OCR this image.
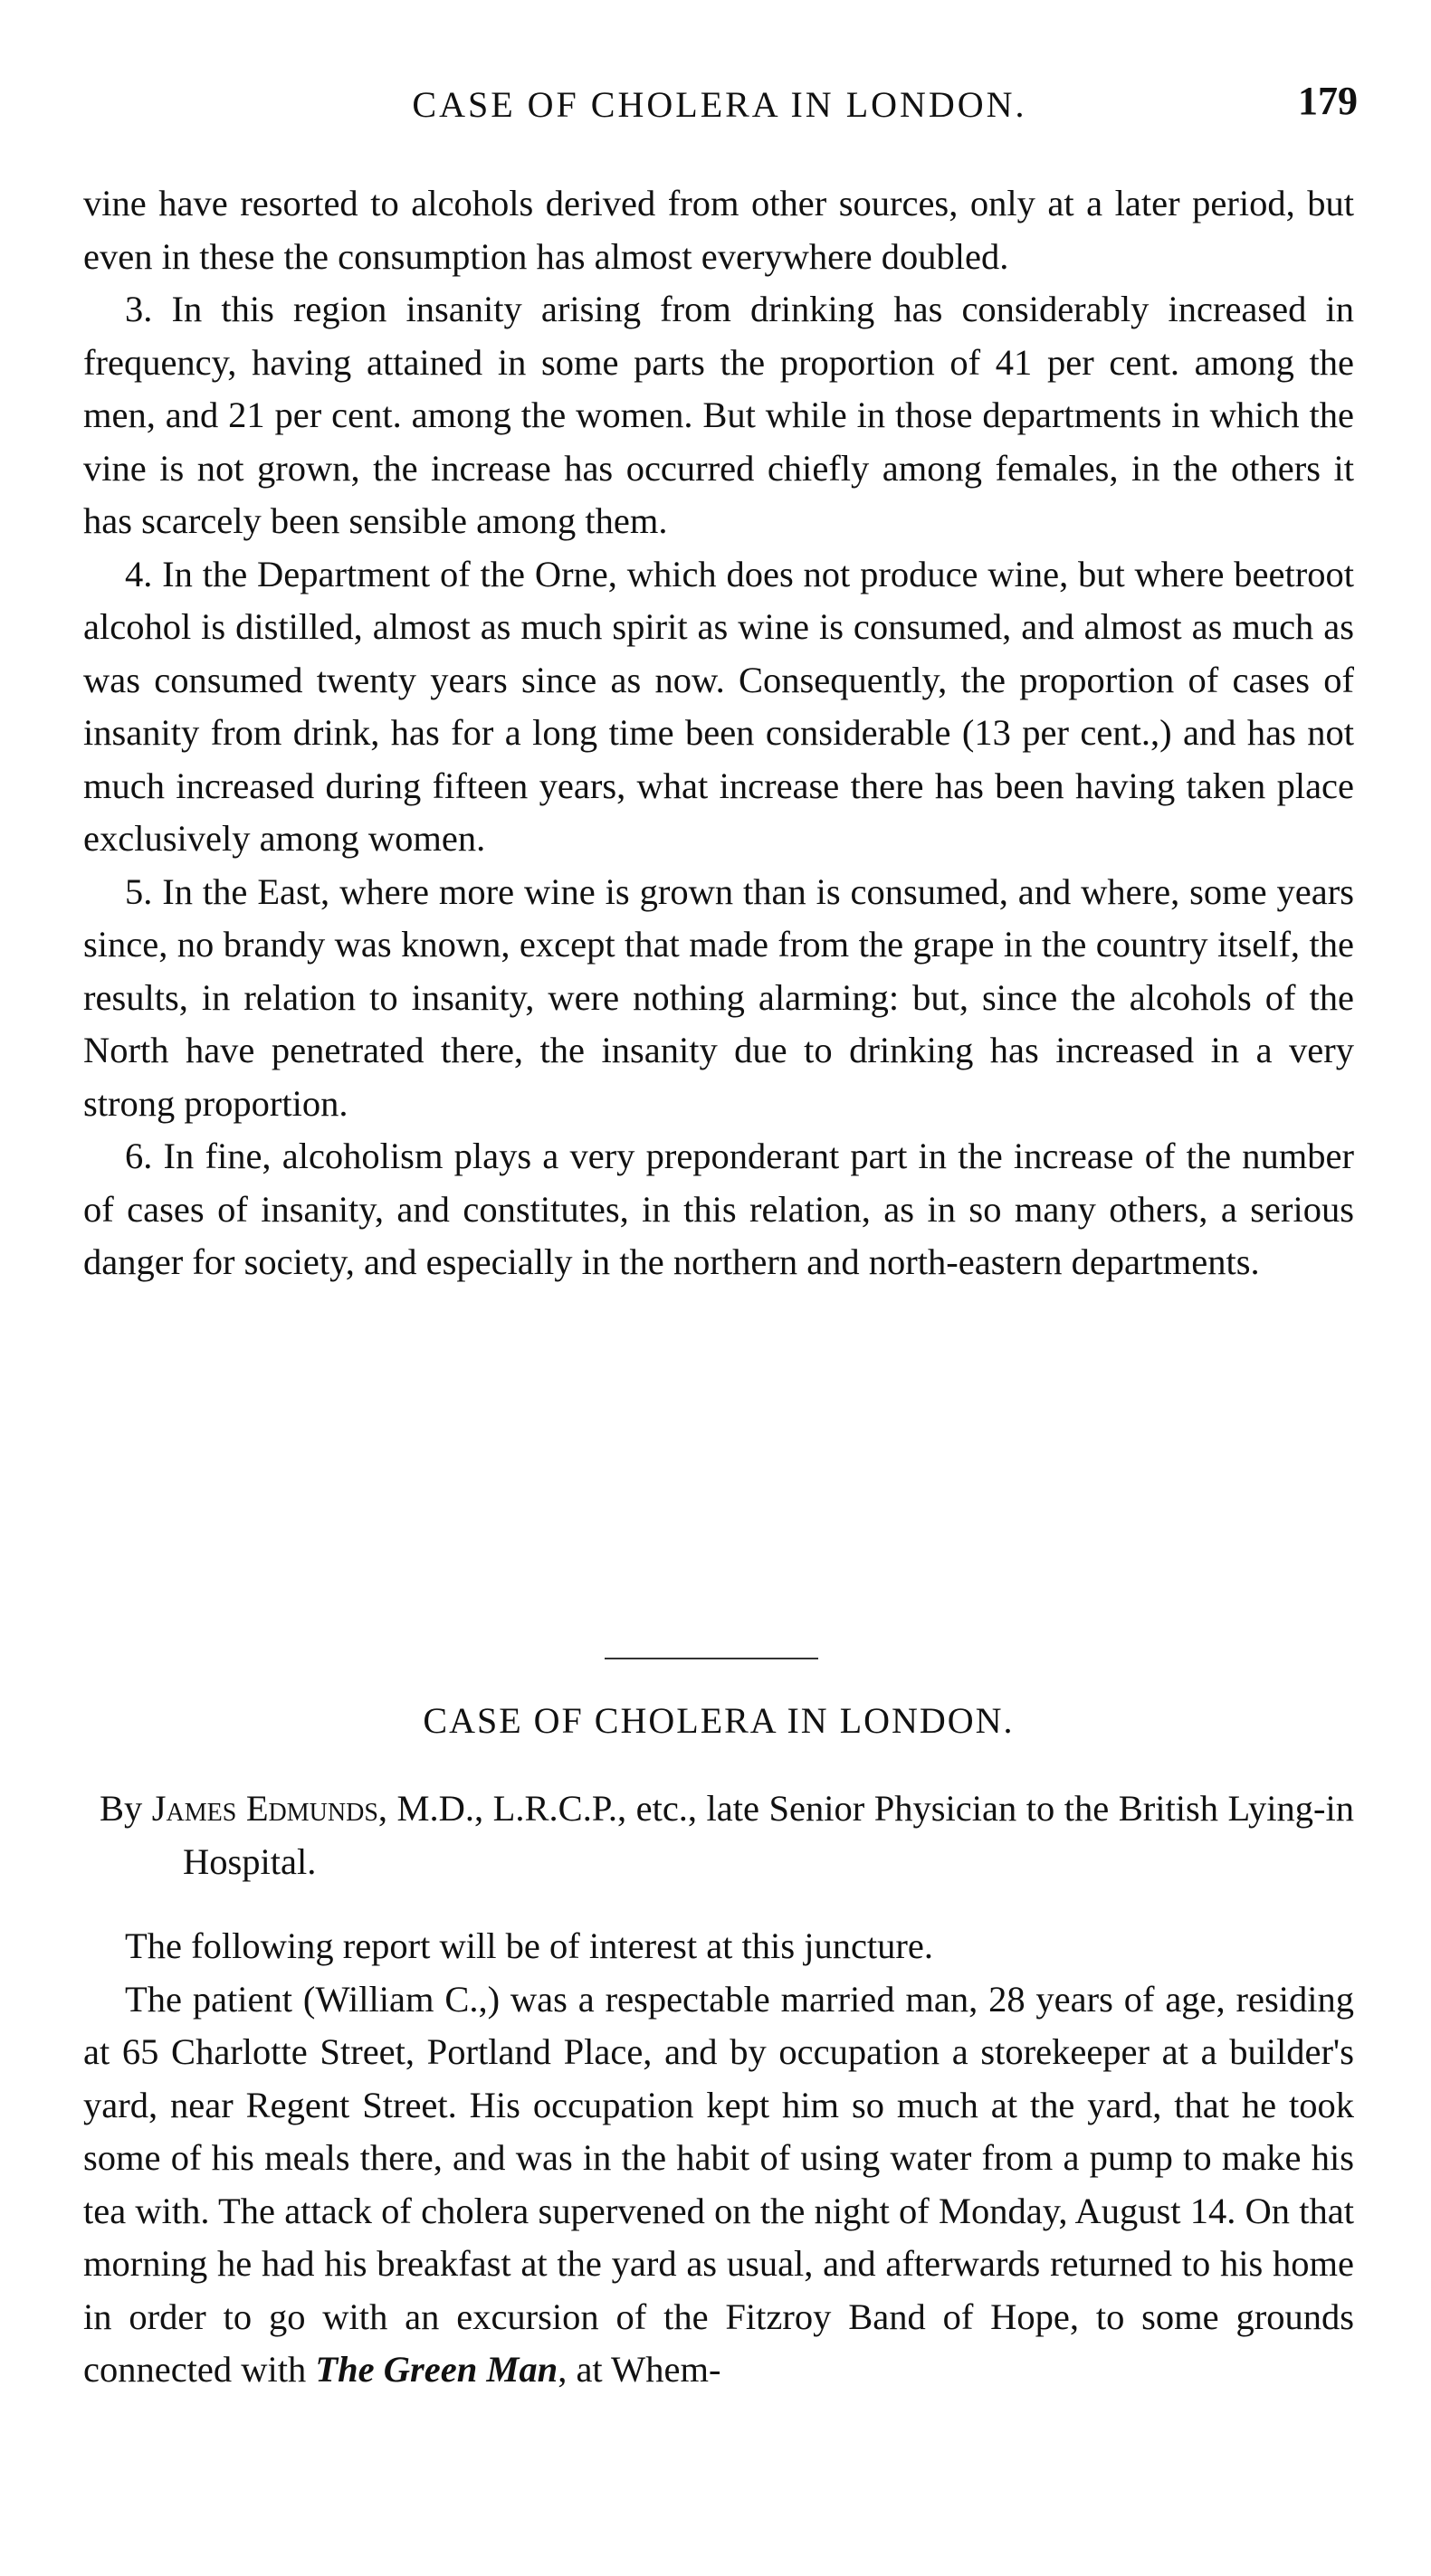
CASE OF CHOLERA IN LONDON.	179

vine have resorted to alcohols derived from other sources, only at a later period, but even in these the consumption has almost everywhere doubled.

3. In this region insanity arising from drinking has considerably increased in frequency, having attained in some parts the proportion of 41 per cent. among the men, and 21 per cent. among the women. But while in those departments in which the vine is not grown, the increase has occurred chiefly among females, in the others it has scarcely been sensible among them.

4. In the Department of the Orne, which does not produce wine, but where beetroot alcohol is distilled, almost as much spirit as wine is consumed, and almost as much as was consumed twenty years since as now. Consequently, the proportion of cases of insanity from drink, has for a long time been considerable (13 per cent.,) and has not much increased during fifteen years, what increase there has been having taken place exclusively among women.

5. In the East, where more wine is grown than is consumed, and where, some years since, no brandy was known, except that made from the grape in the country itself, the results, in relation to insanity, were nothing alarming: but, since the alcohols of the North have penetrated there, the insanity due to drinking has increased in a very strong proportion.

6. In fine, alcoholism plays a very preponderant part in the increase of the number of cases of insanity, and constitutes, in this relation, as in so many others, a serious danger for society, and especially in the northern and north-eastern departments.

CASE OF CHOLERA IN LONDON.
By James Edmunds, M.D., L.R.C.P., etc., late Senior Physician to the British Lying-in Hospital.

The following report will be of interest at this juncture.

The patient (William C.,) was a respectable married man, 28 years of age, residing at 65 Charlotte Street, Portland Place, and by occupation a storekeeper at a builder's yard, near Regent Street. His occupation kept him so much at the yard, that he took some of his meals there, and was in the habit of using water from a pump to make his tea with. The attack of cholera supervened on the night of Monday, August 14. On that morning he had his breakfast at the yard as usual, and afterwards returned to his home in order to go with an excursion of the Fitzroy Band of Hope, to some grounds connected with The Green Man, at Whem-
